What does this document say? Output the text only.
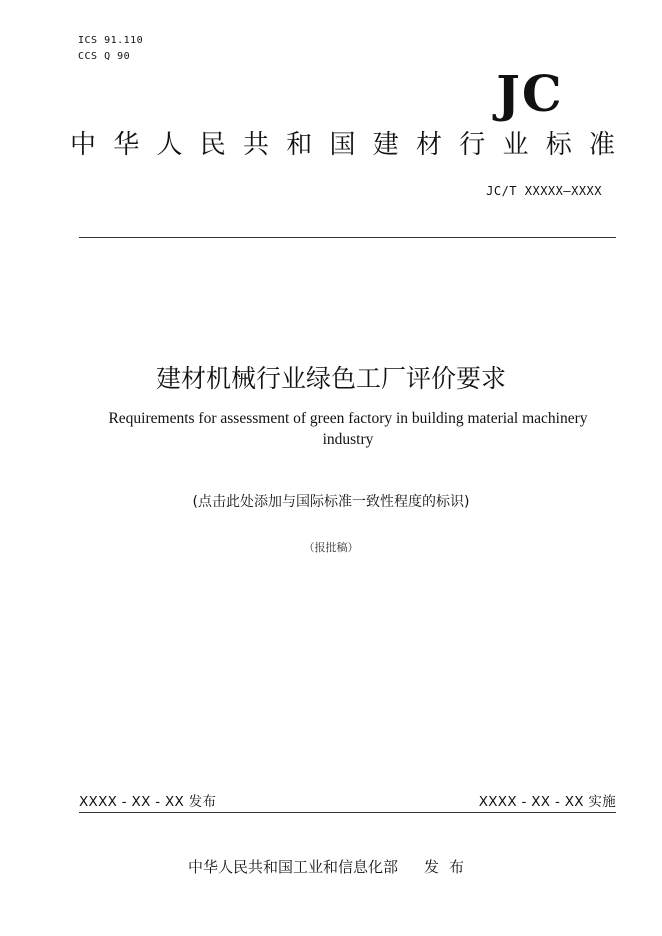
ICS 91.110
CCS Q 90
JC
中华人民共和国建材行业标准
JC/T XXXXX—XXXX
建材机械行业绿色工厂评价要求
Requirements for assessment of green factory in building material machinery industry
(点击此处添加与国际标准一致性程度的标识)
（报批稿）
XXXX - XX - XX 发布	XXXX - XX - XX 实施
中华人民共和国工业和信息化部 发布
